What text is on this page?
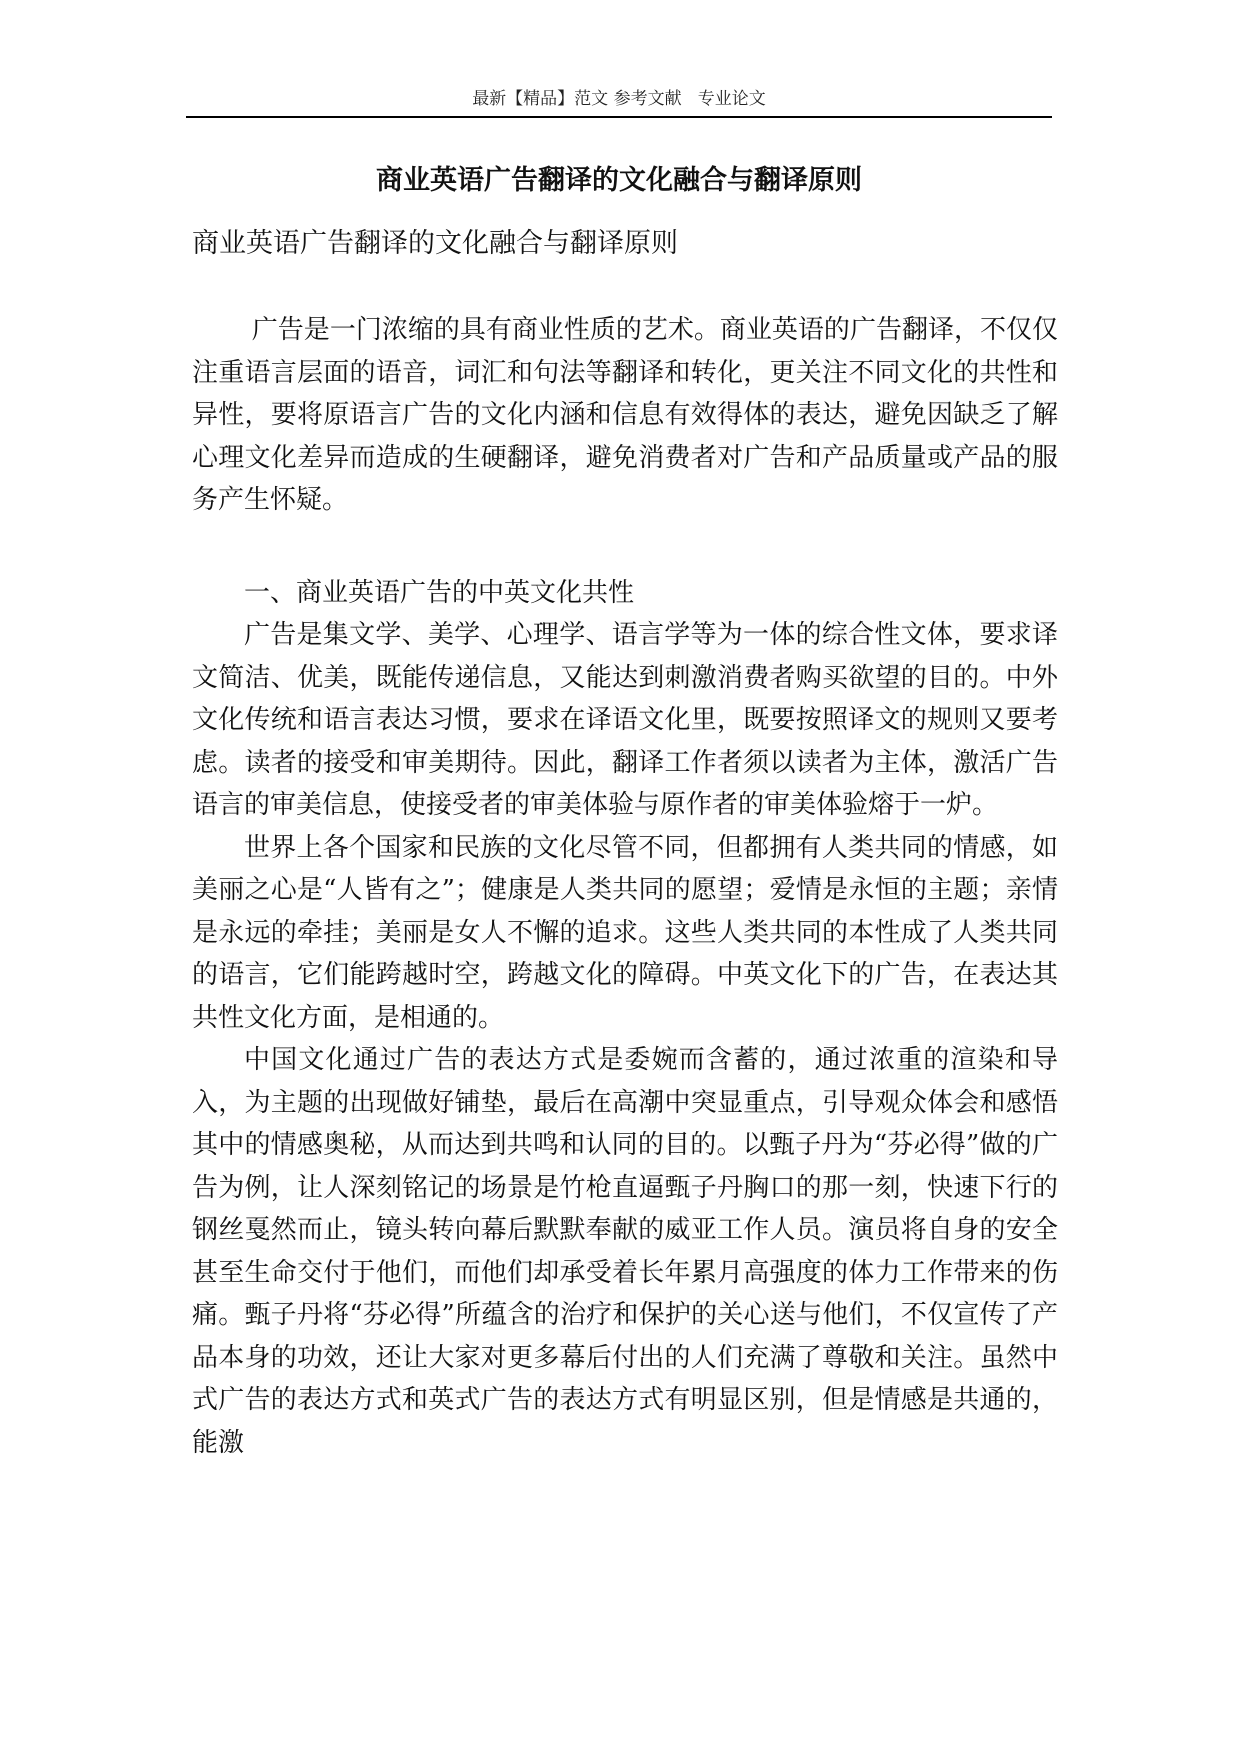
最新【精品】范文 参考文献   专业论文
商业英语广告翻译的文化融合与翻译原则
商业英语广告翻译的文化融合与翻译原则

广告是一门浓缩的具有商业性质的艺术。商业英语的广告翻译，不仅仅注重语言层面的语音，词汇和句法等翻译和转化，更关注不同文化的共性和异性，要将原语言广告的文化内涵和信息有效得体的表达，避免因缺乏了解心理文化差异而造成的生硬翻译，避免消费者对广告和产品质量或产品的服务产生怀疑。

一、商业英语广告的中英文化共性

广告是集文学、美学、心理学、语言学等为一体的综合性文体，要求译文简洁、优美，既能传递信息，又能达到刺激消费者购买欲望的目的。中外文化传统和语言表达习惯，要求在译语文化里，既要按照译文的规则又要考虑。读者的接受和审美期待。因此，翻译工作者须以读者为主体，激活广告语言的审美信息，使接受者的审美体验与原作者的审美体验熔于一炉。

世界上各个国家和民族的文化尽管不同，但都拥有人类共同的情感，如美丽之心是“人皆有之”；健康是人类共同的愿望；爱情是永恒的主题；亲情是永远的牵挂；美丽是女人不懈的追求。这些人类共同的本性成了人类共同的语言，它们能跨越时空，跨越文化的障碍。中英文化下的广告，在表达其共性文化方面，是相通的。

中国文化通过广告的表达方式是委婉而含蓄的，通过浓重的渲染和导入，为主题的出现做好铺垫，最后在高潮中突显重点，引导观众体会和感悟其中的情感奥秘，从而达到共鸣和认同的目的。以甄子丹为“芬必得”做的广告为例，让人深刻铭记的场景是竹枪直逼甄子丹胸口的那一刻，快速下行的钢丝戛然而止，镜头转向幕后默默奉献的威亚工作人员。演员将自身的安全甚至生命交付于他们，而他们却承受着长年累月高强度的体力工作带来的伤痛。甄子丹将“芬必得”所蕴含的治疗和保护的关心送与他们，不仅宣传了产品本身的功效，还让大家对更多幕后付出的人们充满了尊敬和关注。虽然中式广告的表达方式和英式广告的表达方式有明显区别，但是情感是共通的，能激
